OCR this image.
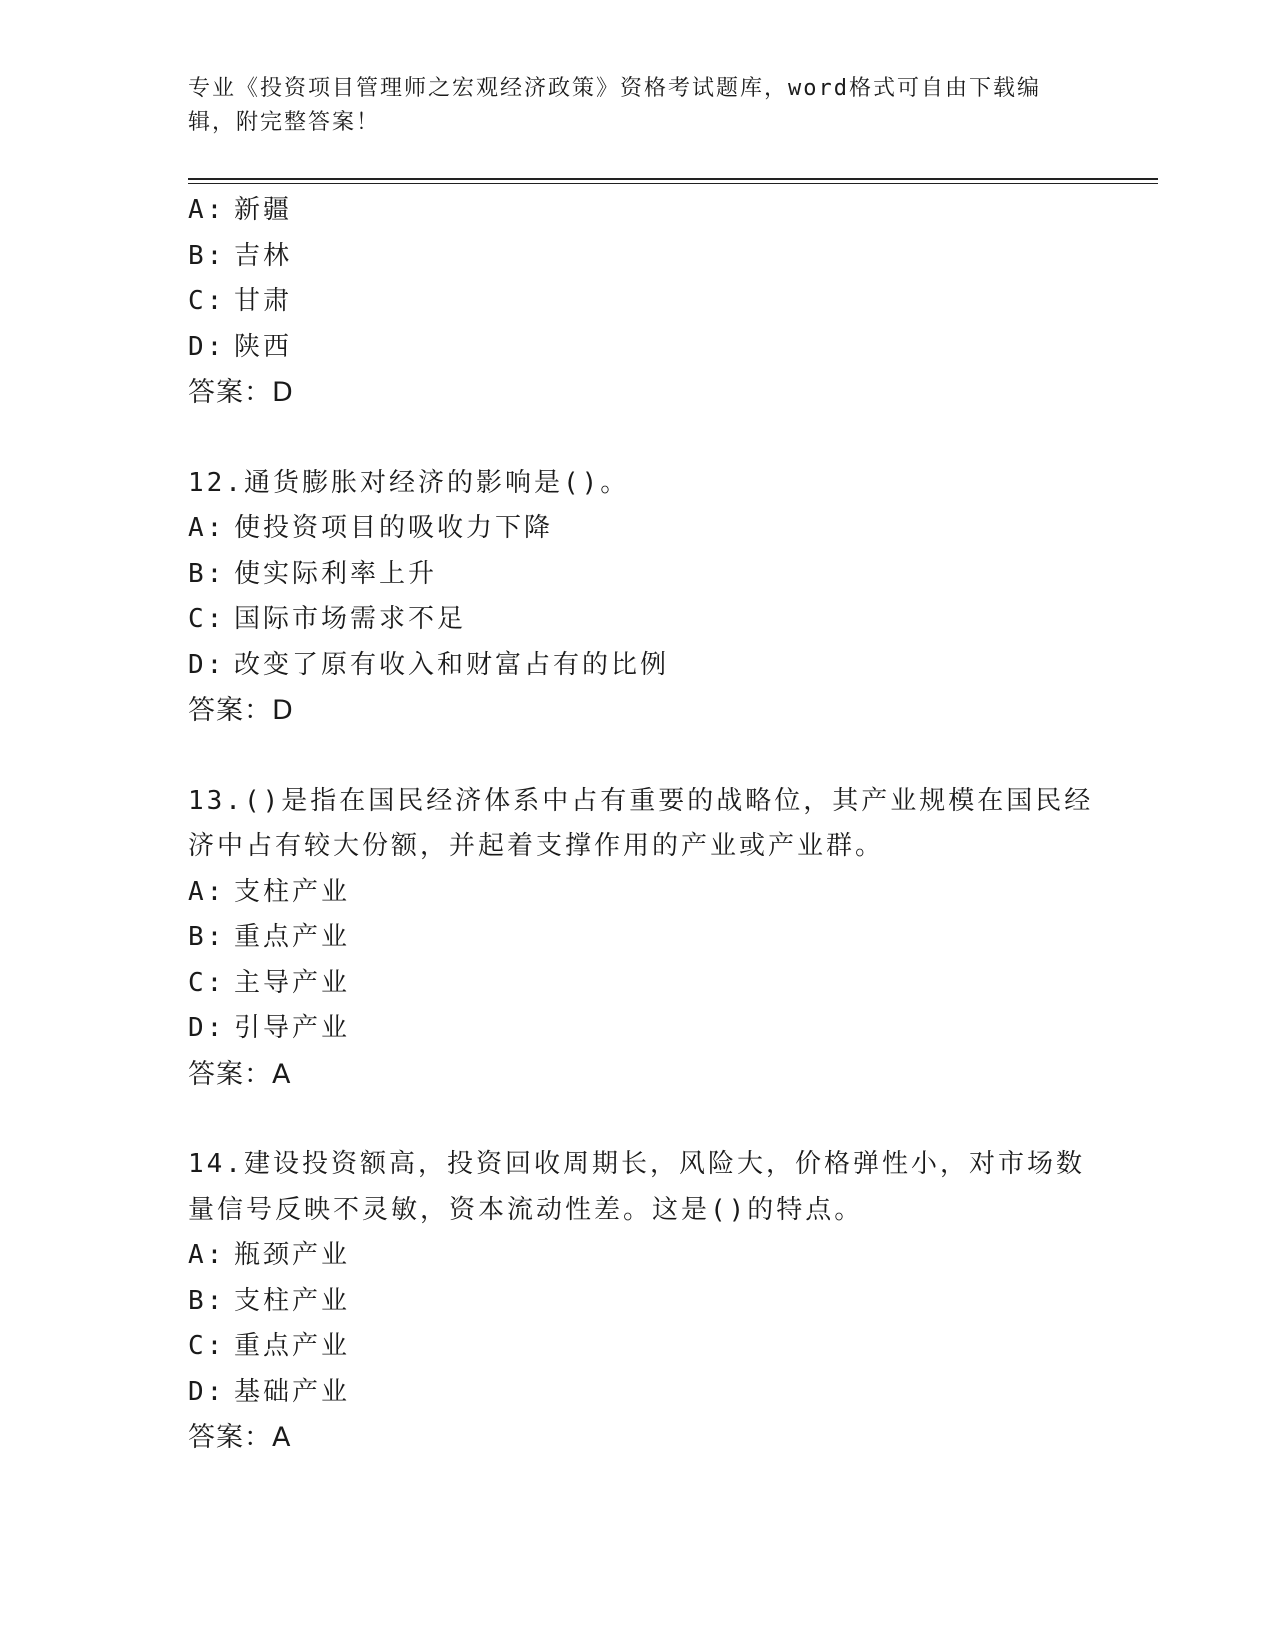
专业《投资项目管理师之宏观经济政策》资格考试题库，word格式可自由下载编辑，附完整答案！
A: 新疆
B: 吉林
C: 甘肃
D: 陕西
答案：D
12.通货膨胀对经济的影响是()。
A: 使投资项目的吸收力下降
B: 使实际利率上升
C: 国际市场需求不足
D: 改变了原有收入和财富占有的比例
答案：D
13.()是指在国民经济体系中占有重要的战略位，其产业规模在国民经
济中占有较大份额，并起着支撑作用的产业或产业群。
A: 支柱产业
B: 重点产业
C: 主导产业
D: 引导产业
答案：A
14.建设投资额高，投资回收周期长，风险大，价格弹性小，对市场数
量信号反映不灵敏，资本流动性差。这是()的特点。
A: 瓶颈产业
B: 支柱产业
C: 重点产业
D: 基础产业
答案：A
